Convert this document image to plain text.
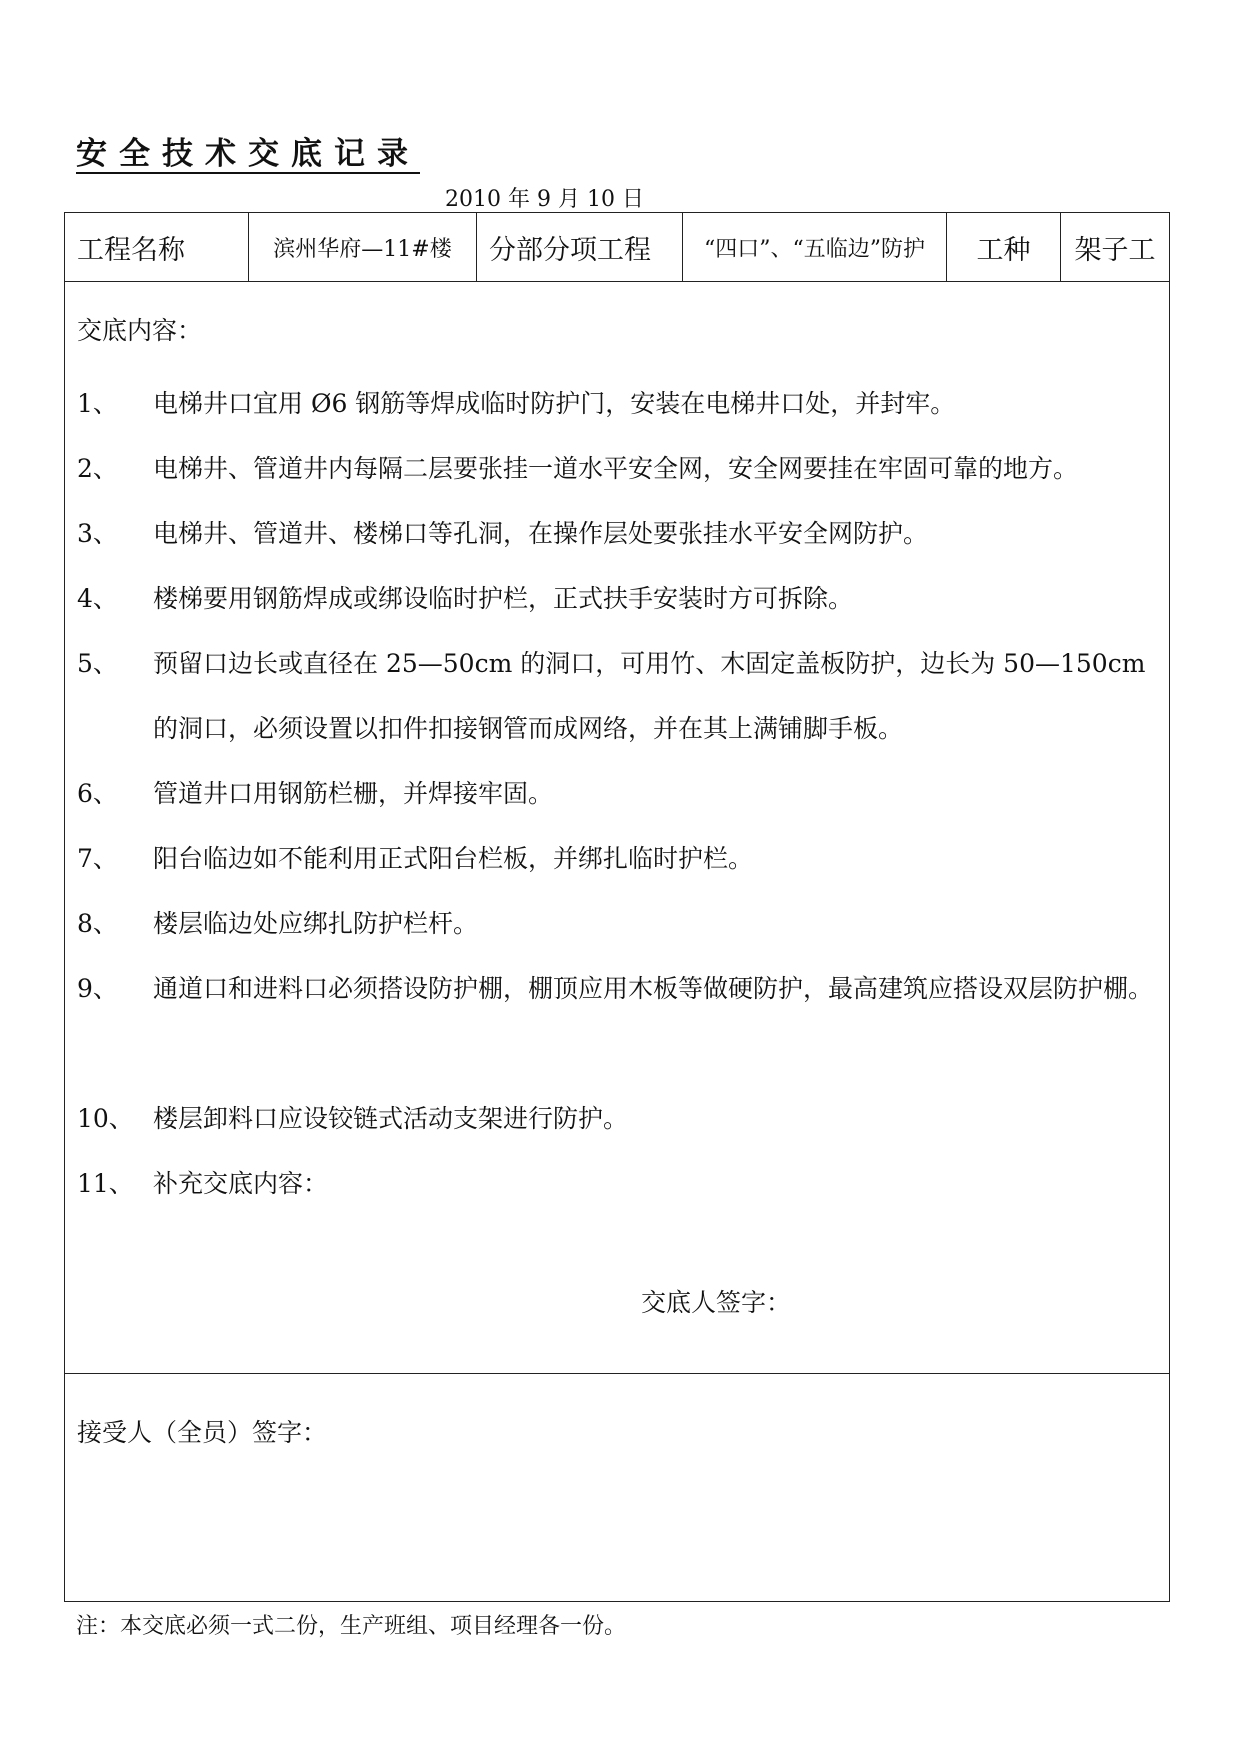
安全技术交底记录
2010 年 9 月 10 日
工程名称	滨州华府—11#楼	分部分项工程	“四口”、“五临边”防护	工种	架子工
交底内容：
1、	电梯井口宜用 Ø6 钢筋等焊成临时防护门，安装在电梯井口处，并封牢。
2、	电梯井、管道井内每隔二层要张挂一道水平安全网，安全网要挂在牢固可靠的地方。
3、	电梯井、管道井、楼梯口等孔洞，在操作层处要张挂水平安全网防护。
4、	楼梯要用钢筋焊成或绑设临时护栏，正式扶手安装时方可拆除。
5、	预留口边长或直径在 25—50cm 的洞口，可用竹、木固定盖板防护，边长为 50—150cm 的洞口，必须设置以扣件扣接钢管而成网络，并在其上满铺脚手板。
6、	管道井口用钢筋栏栅，并焊接牢固。
7、	阳台临边如不能利用正式阳台栏板，并绑扎临时护栏。
8、	楼层临边处应绑扎防护栏杆。
9、	通道口和进料口必须搭设防护棚，棚顶应用木板等做硬防护，最高建筑应搭设双层防护棚。
10、 楼层卸料口应设铰链式活动支架进行防护。
11、 补充交底内容：
交底人签字：
接受人（全员）签字：
注：本交底必须一式二份，生产班组、项目经理各一份。
